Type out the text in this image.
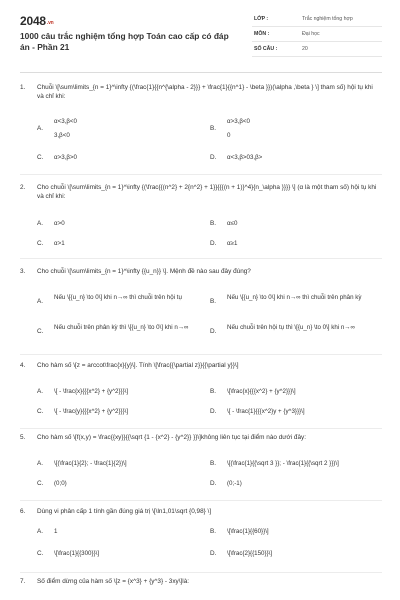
$2048^{.vn}$
1000 câu trắc nghiệm tổng hợp Toán cao cấp có đáp án - Phần 21
LỚP :	Trắc nghiệm tổng hợp
MÔN :	Đại học
SỐ CÂU :	20
1. Chuỗi \[\sum\limits_{n = 1}^\infty {(\frac{1}{{n^{\alpha - 2}}} + \frac{1}{{n^1} - \beta }})(\alpha ,\beta } \] tham số) hội tụ khi và chỉ khi:
A.
α<3,β<0
3,β<0
B.
α>3,β<0
0
C. α>3,β>0	D. α<3,β>03,β>
2. Cho chuỗi \[\sum\limits_{n = 1}^\infty {(\frac{{(n^2} + 2{n^2} + 1}}{{{(n + 1)}^4}{n_\alpha }}}} \] (α là một tham số) hội tụ khi và chỉ khi:
A. α>0	B. α≤0
C. α>1	D. α≥1
3. Cho chuỗi \[\sum\limits_{n = 1}^\infty {{u_n}} \]. Mệnh đề nào sau đây đúng?
A.
Nếu \[{u_n} \to 0\] khi n→∞ thì chuỗi trên hội tụ
B.
Nếu \[{u_n} \to 0\] khi n→∞ thì chuỗi trên phân kỳ
C.
Nếu chuỗi trên phân kỳ thì \[{u_n} \to 0\] khi n→∞
D.
Nếu chuỗi trên hội tụ thì \[{u_n} \to 0\] khi n→∞
4. Cho hàm số \[z = arccot\frac{x}{y}\]. Tính \[\frac{{\partial z}}{{\partial y}}\]
A. \[ - \frac{x}{{{x^2} + {y^2}}}\]	B. \[\frac{x}{{{x^2} + {y^2}}}\]
C. \[ - \frac{y}{{{x^2} + {y^2}}}\]	D. \[ - \frac{1}{{{x^2}y + {y^3}}}\]
5. Cho hàm số \[f(x,y) = \frac{{xy}}{{\sqrt {1 - {x^2} - {y^2}} }}\]không liên tục tại điểm nào dưới đây:
A. \[(\frac{1}{2}; - \frac{1}{2})\]	B. \[(\frac{1}{{\sqrt 3 }}; - \frac{1}{{\sqrt 2 }})\]
C. (0;0)	D. (0;-1)
6. Dùng vi phân cấp 1 tính gần đúng giá trị \[\ln1,01\sqrt {0,98} \]
A. 1	B. \[\frac{1}{{60}}\]
C. \[\frac{1}{{300}}\]	D. \[\frac{2}{{150}}\]
7. Số điểm dừng của hàm số \[z = {x^3} + {y^3} - 3xy\]là:
